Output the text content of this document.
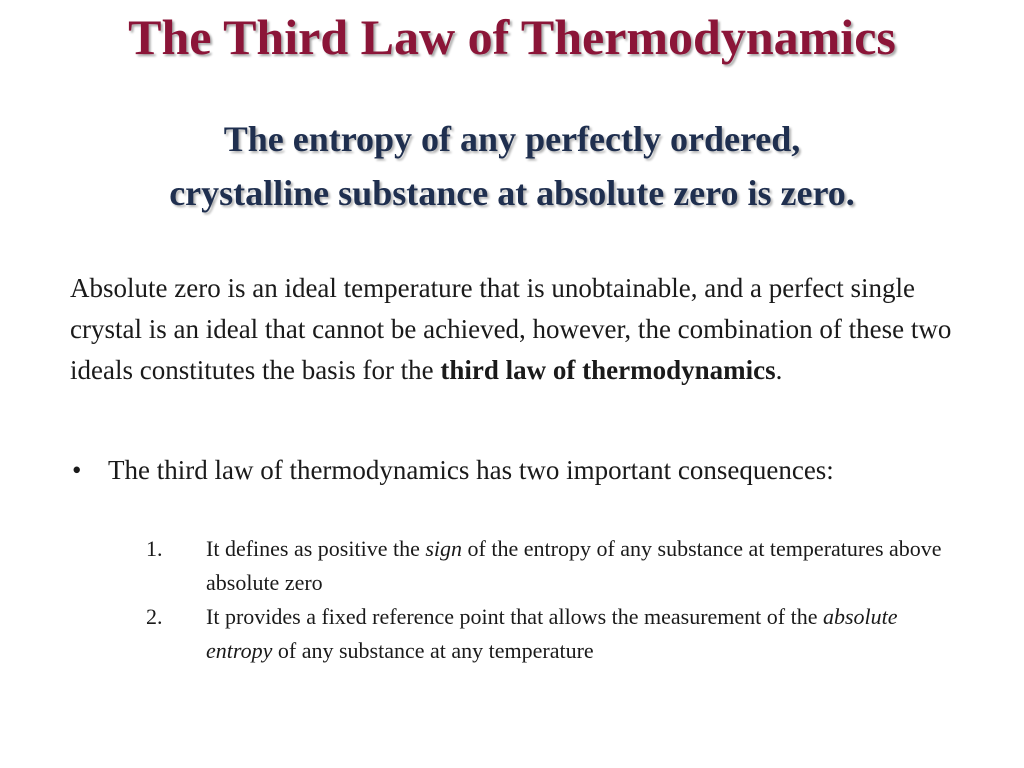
The Third Law of Thermodynamics
The entropy of any perfectly ordered,
crystalline substance at absolute zero is zero.

Absolute zero is an ideal temperature that is unobtainable, and a perfect single crystal is an ideal that cannot be achieved, however, the combination of these two ideals constitutes the basis for the third law of thermodynamics.

• The third law of thermodynamics has two important consequences:

1. It defines as positive the sign of the entropy of any substance at temperatures above absolute zero
2. It provides a fixed reference point that allows the measurement of the absolute entropy of any substance at any temperature
